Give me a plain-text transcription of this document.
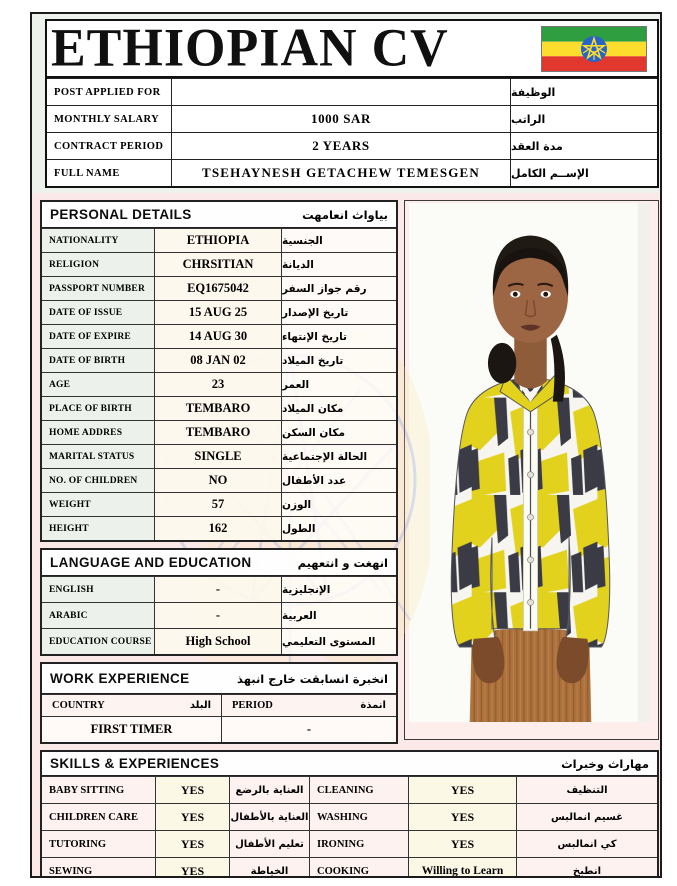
ETHIOPIAN CV
POST APPLIED FOR	الوظيفة
MONTHLY SALARY	1000 SAR	الراتب
CONTRACT PERIOD	2 YEARS	مدة العقد
FULL NAME	TSEHAYNESH GETACHEW TEMESGEN	الإســم الكامل
PERSONAL DETAILS	بياواث انعامهت
NATIONALITY	ETHIOPIA	الجنسية
RELIGION	CHRSITIAN	الديانة
PASSPORT NUMBER	EQ1675042	رقم جواز السفر
DATE OF ISSUE	15 AUG 25	تاريخ الإصدار
DATE OF EXPIRE	14 AUG 30	تاريخ الإنتهاء
DATE OF BIRTH	08 JAN 02	تاريخ الميلاد
AGE	23	العمر
PLACE OF BIRTH	TEMBARO	مكان الميلاد
HOME ADDRES	TEMBARO	مكان السكن
MARITAL STATUS	SINGLE	الحالة الإجتماعية
NO. OF CHILDREN	NO	عدد الأطفال
WEIGHT	57	الوزن
HEIGHT	162	الطول
LANGUAGE AND EDUCATION	انهغت و انتعهيم
ENGLISH	-	الإنجليزية
ARABIC	-	العربية
EDUCATION COURSE	High School	المستوى التعليمي
WORK EXPERIENCE	انخبرة انسابقت خارج انبهذ
COUNTRY	البلد PERIOD	انمذة
FIRST TIMER	-
SKILLS & EXPERIENCES	مهاراث وخبراث
BABY SITTING	YES	العناية بالرضع	CLEANING	YES	التنظيف
CHILDREN CARE	YES	العناية بالأطفال WASHING	YES	غسيم انمالبس
TUTORING	YES	تعليم الأطفال	IRONING	YES	كي انمالبس
SEWING	YES	الخياطة	COOKING	Willing to Learn	انطبخ
